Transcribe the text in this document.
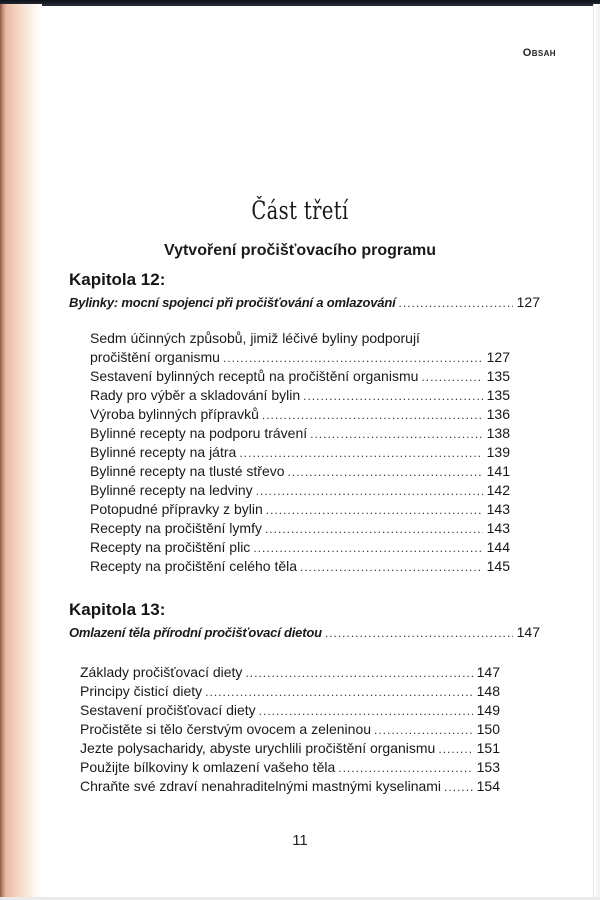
Obsah
Část třetí
Vytvoření pročišťovacího programu
Kapitola 12:
Bylinky: mocní spojenci při pročišťování a omlazování .....	127
Sedm účinných způsobů, jimiž léčivé byliny podporují
pročištění organismu .....	127
Sestavení bylinných receptů na pročištění organismu .....	135
Rady pro výběr a skladování bylin .....	135
Výroba bylinných přípravků .....	136
Bylinné recepty na podporu trávení .....	138
Bylinné recepty na játra .....	139
Bylinné recepty na tlusté střevo .....	141
Bylinné recepty na ledviny .....	142
Potopudné přípravky z bylin .....	143
Recepty na pročištění lymfy .....	143
Recepty na pročištění plic .....	144
Recepty na pročištění celého těla .....	145
Kapitola 13:
Omlazení těla přírodní pročišťovací dietou .....	147
Základy pročišťovací diety .....	147
Principy čisticí diety .....	148
Sestavení pročišťovací diety .....	149
Pročistěte si tělo čerstvým ovocem a zeleninou .....	150
Jezte polysacharidy, abyste urychlili pročištění organismu .....	151
Použijte bílkoviny k omlazení vašeho těla .....	153
Chraňte své zdraví nenahraditelnými mastnými kyselinami .....	154
11
